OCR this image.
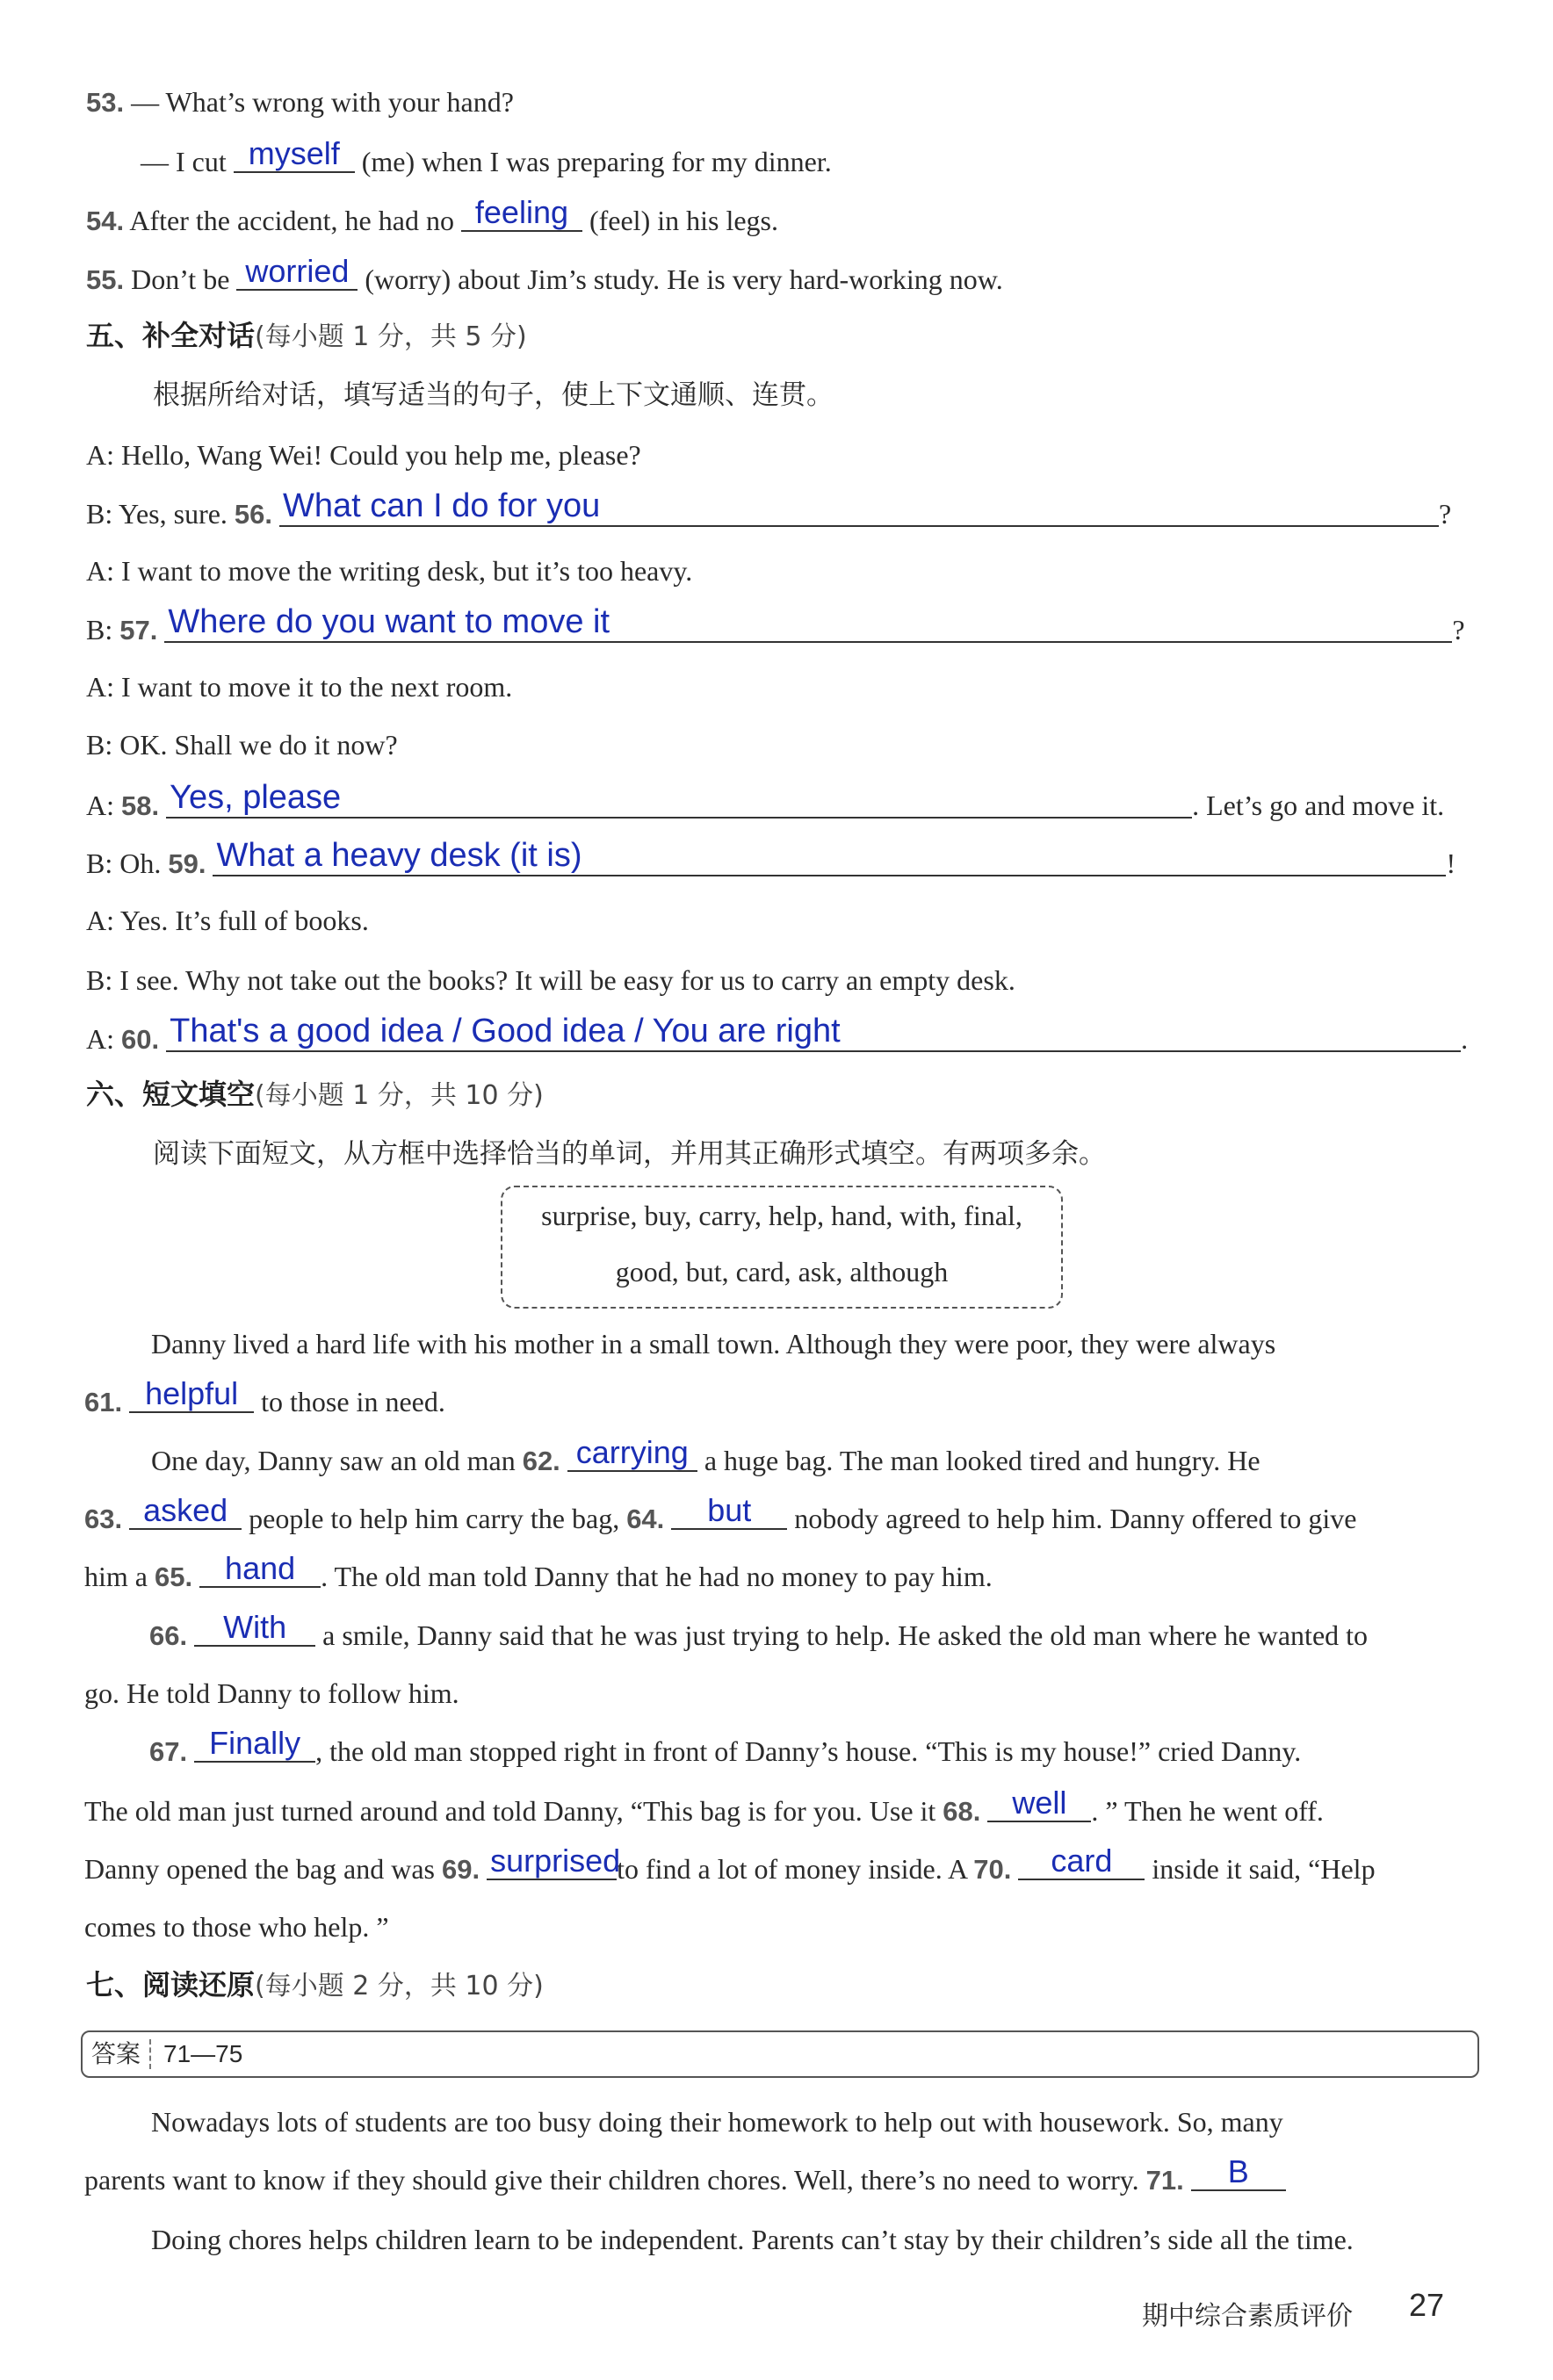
53. — What’s wrong with your hand?
— I cut myself (me) when I was preparing for my dinner.
54. After the accident, he had no feeling (feel) in his legs.
55. Don’t be worried (worry) about Jim’s study. He is very hard-working now.
五、补全对话(每小题 1 分，共 5 分)
根据所给对话，填写适当的句子，使上下文通顺、连贯。
A: Hello, Wang Wei! Could you help me, please?
B: Yes, sure. 56. What can I do for you	?
A: I want to move the writing desk, but it’s too heavy.
B: 57. Where do you want to move it	?
A: I want to move it to the next room.
B: OK. Shall we do it now?
A: 58. Yes, please	. Let’s go and move it.
B: Oh. 59. What a heavy desk (it is)	!
A: Yes. It’s full of books.
B: I see. Why not take out the books? It will be easy for us to carry an empty desk.
A: 60. That's a good idea / Good idea / You are right	.
六、短文填空(每小题 1 分，共 10 分)
阅读下面短文，从方框中选择恰当的单词，并用其正确形式填空。有两项多余。
surprise, buy, carry, help, hand, with, final,
good, but, card, ask, although
Danny lived a hard life with his mother in a small town. Although they were poor, they were always
61. helpful to those in need.
One day, Danny saw an old man 62. carrying a huge bag. The man looked tired and hungry. He
63. asked people to help him carry the bag, 64. but nobody agreed to help him. Danny offered to give
him a 65. hand . The old man told Danny that he had no money to pay him.
66. With a smile, Danny said that he was just trying to help. He asked the old man where he wanted to
go. He told Danny to follow him.
67. Finally , the old man stopped right in front of Danny’s house. “This is my house!” cried Danny.
The old man just turned around and told Danny, “This bag is for you. Use it 68. well . ” Then he went off.
Danny opened the bag and was 69. surprisedto find a lot of money inside. A 70. card inside it said, “Help
comes to those who help. ”
七、阅读还原(每小题 2 分，共 10 分)
答案 71—75
Nowadays lots of students are too busy doing their homework to help out with housework. So, many
parents want to know if they should give their children chores. Well, there’s no need to worry. 71. B
Doing chores helps children learn to be independent. Parents can’t stay by their children’s side all the time.
期中综合素质评价 27
